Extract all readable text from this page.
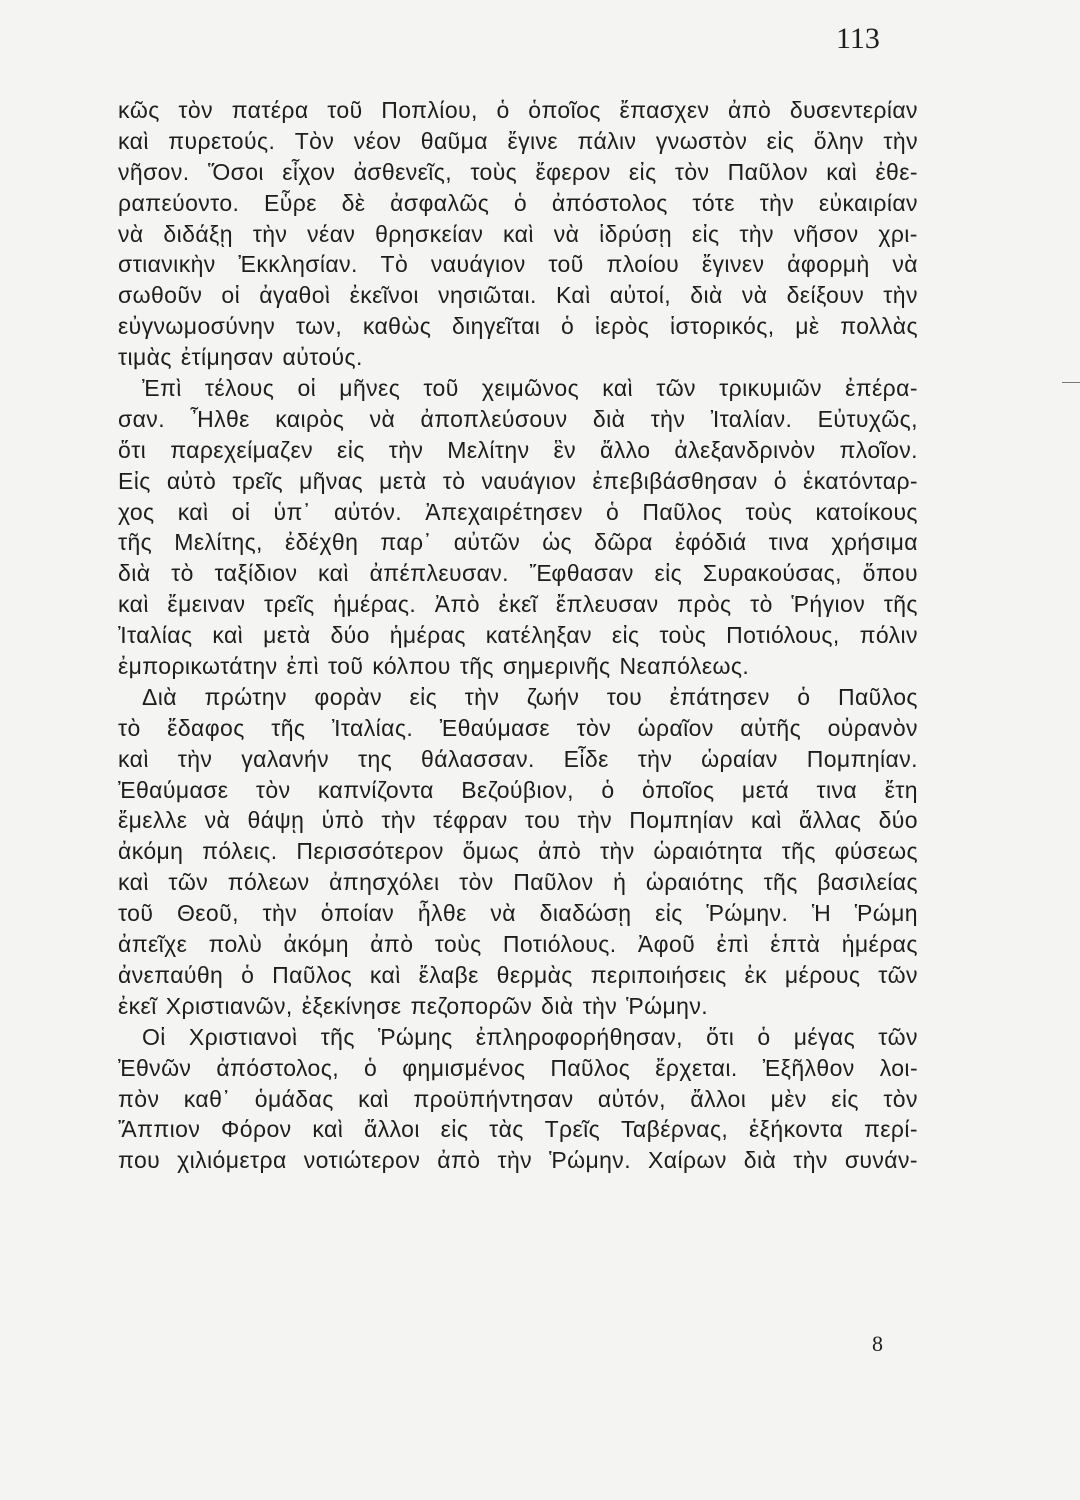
113
κῶς τὸν πατέρα τοῦ Ποπλίου, ὁ ὁποῖος ἔπασχεν ἀπὸ δυσεντερίαν
καὶ πυρετούς. Τὸν νέον θαῦμα ἔγινε πάλιν γνωστὸν εἰς ὅλην τὴν
νῆσον. Ὅσοι εἶχον ἀσθενεῖς, τοὺς ἔφερον εἰς τὸν Παῦλον καὶ ἐθε-
ραπεύοντο. Εὗρε δὲ ἀσφαλῶς ὁ ἀπόστολος τότε τὴν εὐκαιρίαν
νὰ διδάξῃ τὴν νέαν θρησκείαν καὶ νὰ ἱδρύσῃ εἰς τὴν νῆσον χρι-
στιανικὴν Ἐκκλησίαν. Τὸ ναυάγιον τοῦ πλοίου ἔγινεν ἀφορμὴ νὰ
σωθοῦν οἱ ἀγαθοὶ ἐκεῖνοι νησιῶται. Καὶ αὐτοί, διὰ νὰ δείξουν τὴν
εὐγνωμοσύνην των, καθὼς διηγεῖται ὁ ἱερὸς ἱστορικός, μὲ πολλὰς
τιμὰς ἐτίμησαν αὐτούς.
Ἐπὶ τέλους οἱ μῆνες τοῦ χειμῶνος καὶ τῶν τρικυμιῶν ἐπέρα-
σαν. Ἦλθε καιρὸς νὰ ἀποπλεύσουν διὰ τὴν Ἰταλίαν. Εὐτυχῶς,
ὅτι παρεχείμαζεν εἰς τὴν Μελίτην ἓν ἄλλο ἀλεξανδρινὸν πλοῖον.
Εἰς αὐτὸ τρεῖς μῆνας μετὰ τὸ ναυάγιον ἐπεβιβάσθησαν ὁ ἑκατόνταρ-
χος καὶ οἱ ὑπ᾽ αὐτόν. Ἀπεχαιρέτησεν ὁ Παῦλος τοὺς κατοίκους
τῆς Μελίτης, ἐδέχθη παρ᾽ αὐτῶν ὡς δῶρα ἐφόδιά τινα χρήσιμα
διὰ τὸ ταξίδιον καὶ ἀπέπλευσαν. Ἔφθασαν εἰς Συρακούσας, ὅπου
καὶ ἔμειναν τρεῖς ἡμέρας. Ἀπὸ ἐκεῖ ἔπλευσαν πρὸς τὸ Ῥήγιον τῆς
Ἰταλίας καὶ μετὰ δύο ἡμέρας κατέληξαν εἰς τοὺς Ποτιόλους, πόλιν
ἐμπορικωτάτην ἐπὶ τοῦ κόλπου τῆς σημερινῆς Νεαπόλεως.
Διὰ πρώτην φορὰν εἰς τὴν ζωήν του ἐπάτησεν ὁ Παῦλος
τὸ ἔδαφος τῆς Ἰταλίας. Ἐθαύμασε τὸν ὡραῖον αὐτῆς οὐρανὸν
καὶ τὴν γαλανήν της θάλασσαν. Εἶδε τὴν ὡραίαν Πομπηίαν.
Ἐθαύμασε τὸν καπνίζοντα Βεζούβιον, ὁ ὁποῖος μετά τινα ἔτη
ἔμελλε νὰ θάψῃ ὑπὸ τὴν τέφραν του τὴν Πομπηίαν καὶ ἄλλας δύο
ἀκόμη πόλεις. Περισσότερον ὅμως ἀπὸ τὴν ὡραιότητα τῆς φύσεως
καὶ τῶν πόλεων ἀπησχόλει τὸν Παῦλον ἡ ὡραιότης τῆς βασιλείας
τοῦ Θεοῦ, τὴν ὁποίαν ἦλθε νὰ διαδώσῃ εἰς Ῥώμην. Ἡ Ῥώμη
ἀπεῖχε πολὺ ἀκόμη ἀπὸ τοὺς Ποτιόλους. Ἀφοῦ ἐπὶ ἑπτὰ ἡμέρας
ἀνεπαύθη ὁ Παῦλος καὶ ἔλαβε θερμὰς περιποιήσεις ἐκ μέρους τῶν
ἐκεῖ Χριστιανῶν, ἐξεκίνησε πεζοπορῶν διὰ τὴν Ῥώμην.
Οἱ Χριστιανοὶ τῆς Ῥώμης ἐπληροφορήθησαν, ὅτι ὁ μέγας τῶν
Ἐθνῶν ἀπόστολος, ὁ φημισμένος Παῦλος ἔρχεται. Ἐξῆλθον λοι-
πὸν καθ᾽ ὁμάδας καὶ προϋπήντησαν αὐτόν, ἄλλοι μὲν εἰς τὸν
Ἄππιον Φόρον καὶ ἄλλοι εἰς τὰς Τρεῖς Ταβέρνας, ἑξήκοντα περί-
που χιλιόμετρα νοτιώτερον ἀπὸ τὴν Ῥώμην. Χαίρων διὰ τὴν συνάν-
8
